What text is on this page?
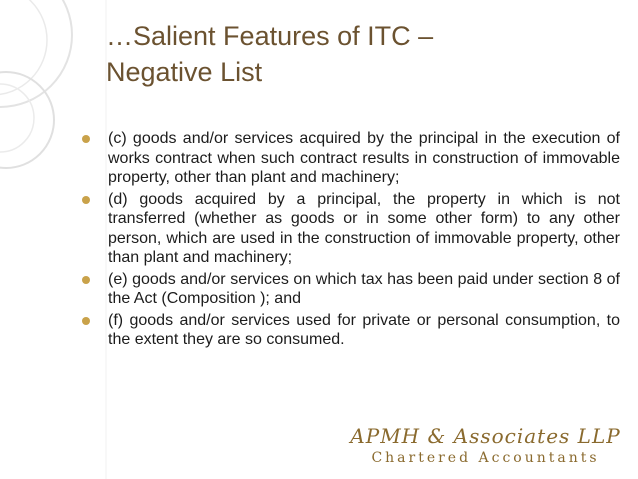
…Salient Features of ITC –
Negative List
(c) goods and/or services acquired by the principal in the execution of works contract when such contract results in construction of immovable property, other than plant and machinery;
(d) goods acquired by a principal, the property in which is not transferred (whether as goods or in some other form) to any other person, which are used in the construction of immovable property, other than plant and machinery;
(e) goods and/or services on which tax has been paid under section 8 of the Act (Composition ); and
(f) goods and/or services used for private or personal consumption, to the extent they are so consumed.
APMH & Associates LLP
Chartered Accountants
